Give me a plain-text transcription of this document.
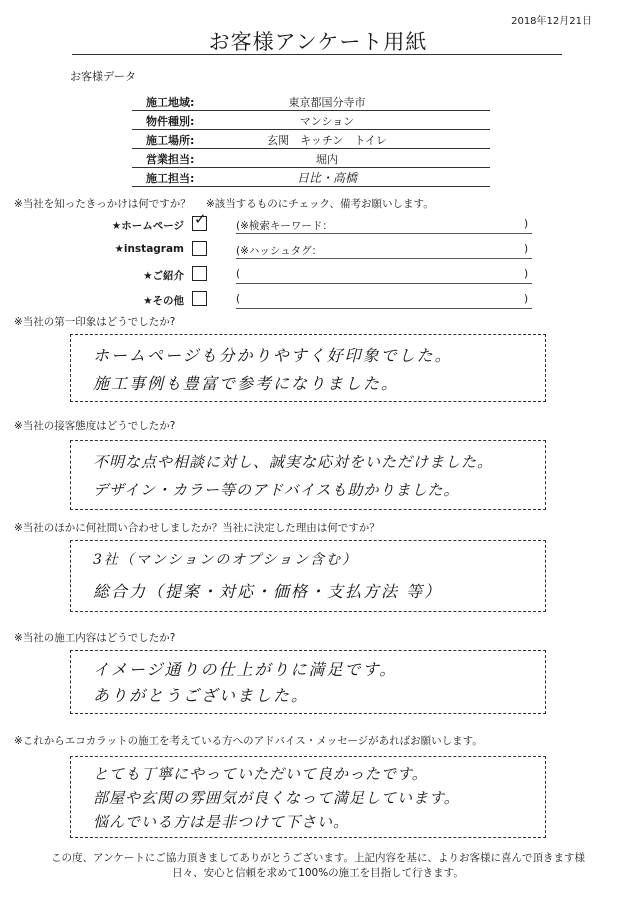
2018年12月21日
お客様アンケート用紙
お客様データ
施工地域:	東京都国分寺市
物件種別:	マンション
施工場所:	玄関　キッチン　トイレ
営業担当:	堀内
施工担当:	日比・高橋
※当社を知ったきっかけは何ですか？ ※該当するものにチェック、備考お願いします。
★ホームページ ✓	(※検索キーワード：	)
★instagram	(※ハッシュタグ：	)
★ご紹介	(	)
★その他	(	)
※当社の第一印象はどうでしたか?
ホームページも分かりやすく好印象でした。
施工事例も豊富で参考になりました。
※当社の接客態度はどうでしたか?
不明な点や相談に対し、誠実な応対をいただけました。
デザイン・カラー等のアドバイスも助かりました。
※当社のほかに何社問い合わせしましたか？当社に決定した理由は何ですか？
3社（マンションのオプション含む）
総合力（提案・対応・価格・支払方法 等）
※当社の施工内容はどうでしたか?
イメージ通りの仕上がりに満足です。
ありがとうございました。
※これからエコカラットの施工を考えている方へのアドバイス・メッセージがあればお願いします。
とても丁寧にやっていただいて良かったです。
部屋や玄関の雰囲気が良くなって満足しています。
悩んでいる方は是非つけて下さい。
この度、アンケートにご協力頂きましてありがとうございます。上記内容を基に、よりお客様に喜んで頂きます様
日々、安心と信頼を求めて100%の施工を目指して行きます。
